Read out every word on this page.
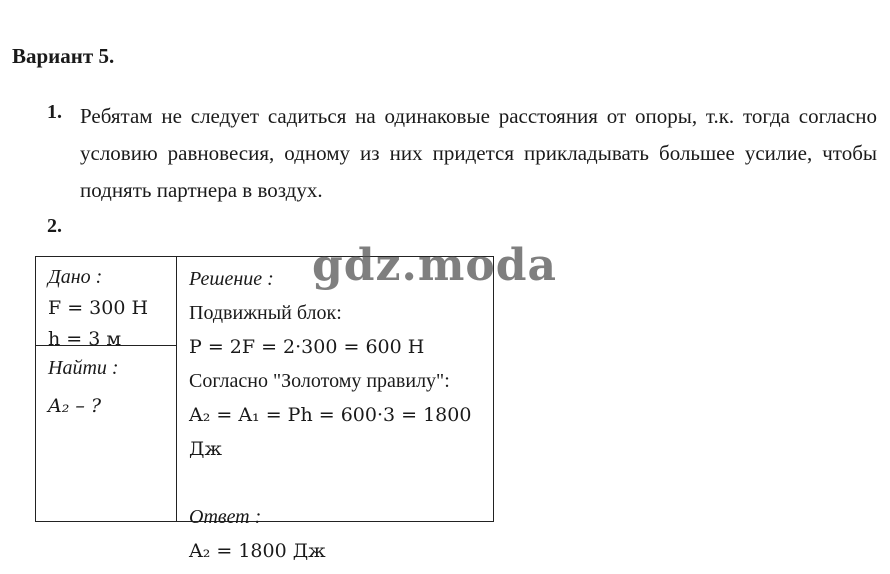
Вариант 5.
1. Ребятам не следует садиться на одинаковые расстояния от опоры, т.к. тогда согласно условию равновесия, одному из них придется прикладывать большее усилие, чтобы поднять партнера в воздух.
2.
Дано :
F = 300 Н
h = 3 м
Найти :
A₂ – ?
Решение :
Подвижный блок:
P = 2F = 2·300 = 600 Н
Согласно "Золотому правилу":
A₂ = A₁ = Ph = 600·3 = 1800 Дж

Ответ :
A₂ = 1800 Дж
gdz.moda
